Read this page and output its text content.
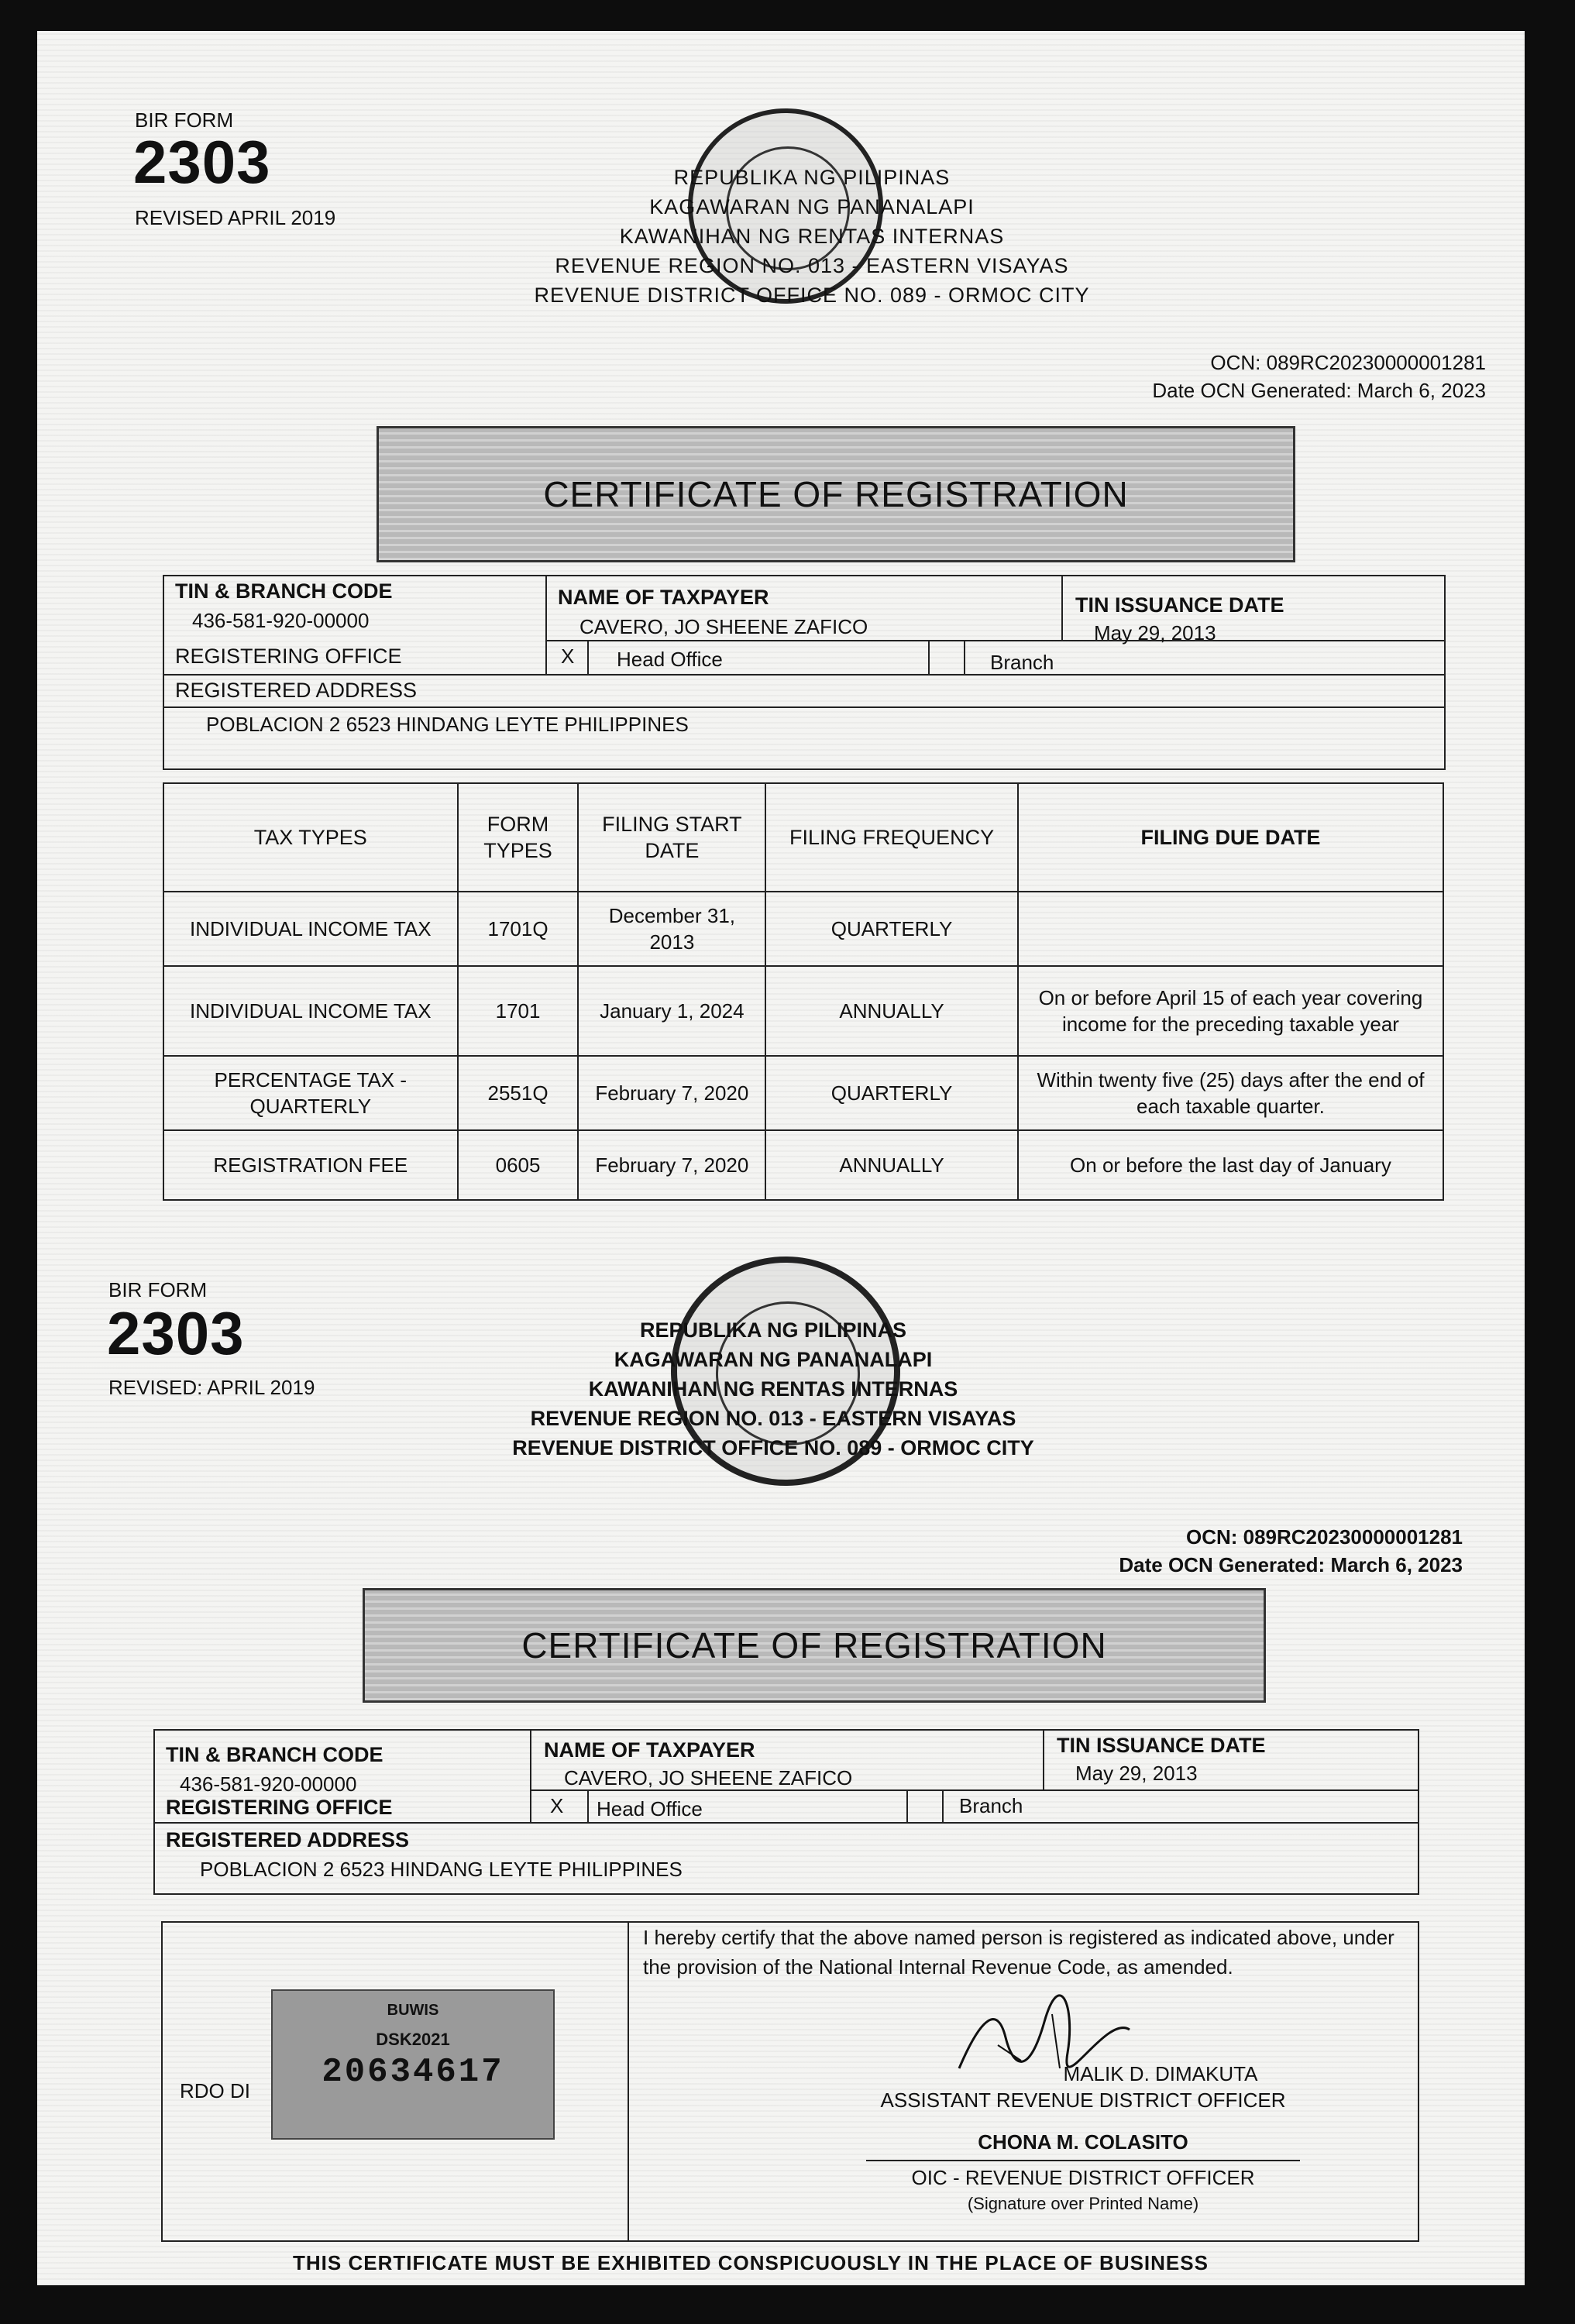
BIR FORM
2303
REVISED APRIL 2019
REPUBLIKA NG PILIPINAS
KAGAWARAN NG PANANALAPI
KAWANIHAN NG RENTAS INTERNAS
REVENUE REGION NO. 013 - EASTERN VISAYAS
REVENUE DISTRICT OFFICE NO. 089 - ORMOC CITY
OCN: 089RC20230000001281
Date OCN Generated: March 6, 2023
CERTIFICATE OF REGISTRATION
TIN & BRANCH CODE
436-581-920-00000
NAME OF TAXPAYER
CAVERO, JO SHEENE ZAFICO
TIN ISSUANCE DATE
May 29, 2013
REGISTERING OFFICE	X Head Office	Branch
REGISTERED ADDRESS
POBLACION 2 6523 HINDANG LEYTE PHILIPPINES
TAX TYPES	FORM TYPES	FILING START DATE	FILING FREQUENCY	FILING DUE DATE
INDIVIDUAL INCOME TAX	1701Q	December 31, 2013	QUARTERLY	
INDIVIDUAL INCOME TAX	1701	January 1, 2024	ANNUALLY	On or before April 15 of each year covering income for the preceding taxable year
PERCENTAGE TAX - QUARTERLY	2551Q	February 7, 2020	QUARTERLY	Within twenty five (25) days after the end of each taxable quarter.
REGISTRATION FEE	0605	February 7, 2020	ANNUALLY	On or before the last day of January
BIR FORM
2303
REVISED: APRIL 2019
REPUBLIKA NG PILIPINAS
KAGAWARAN NG PANANALAPI
KAWANIHAN NG RENTAS INTERNAS
REVENUE REGION NO. 013 - EASTERN VISAYAS
REVENUE DISTRICT OFFICE NO. 089 - ORMOC CITY
OCN: 089RC20230000001281
Date OCN Generated: March 6, 2023
CERTIFICATE OF REGISTRATION
TIN & BRANCH CODE
436-581-920-00000
NAME OF TAXPAYER
CAVERO, JO SHEENE ZAFICO
TIN ISSUANCE DATE
May 29, 2013
REGISTERING OFFICE	X Head Office	Branch
REGISTERED ADDRESS
POBLACION 2 6523 HINDANG LEYTE PHILIPPINES
RDO DI
BUWIS
DSK2021
20634617
I hereby certify that the above named person is registered as indicated above, under the provision of the National Internal Revenue Code, as amended.
MALIK D. DIMAKUTA
ASSISTANT REVENUE DISTRICT OFFICER
CHONA M. COLASITO
OIC - REVENUE DISTRICT OFFICER
(Signature over Printed Name)
THIS CERTIFICATE MUST BE EXHIBITED CONSPICUOUSLY IN THE PLACE OF BUSINESS
